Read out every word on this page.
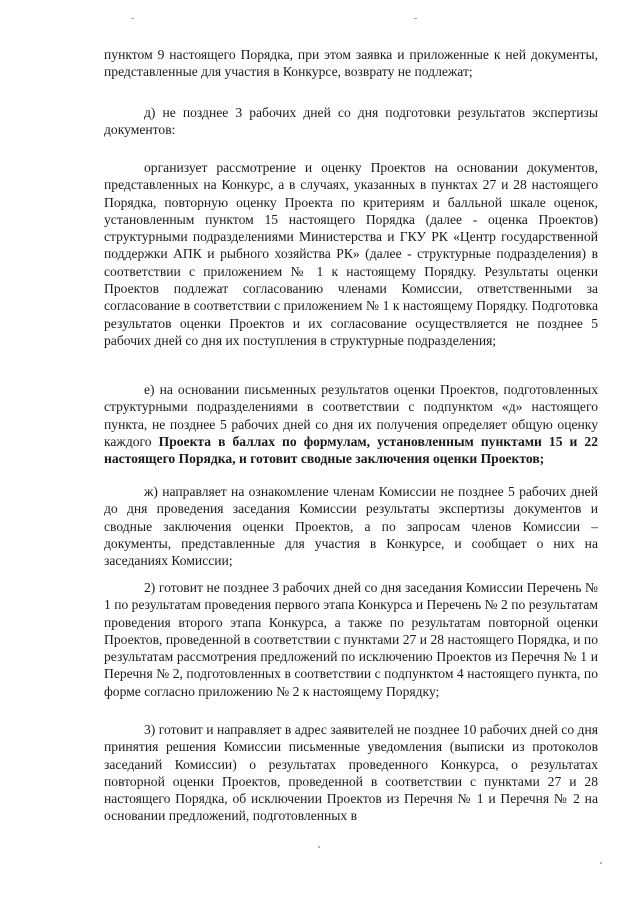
пунктом 9 настоящего Порядка, при этом заявка и приложенные к ней документы, представленные для участия в Конкурсе, возврату не подлежат;

д) не позднее 3 рабочих дней со дня подготовки результатов экспертизы документов:

организует рассмотрение и оценку Проектов на основании документов, представленных на Конкурс, а в случаях, указанных в пунктах 27 и 28 настоящего Порядка, повторную оценку Проекта по критериям и балльной шкале оценок, установленным пунктом 15 настоящего Порядка (далее - оценка Проектов) структурными подразделениями Министерства и ГКУ РК «Центр государственной поддержки АПК и рыбного хозяйства РК» (далее - структурные подразделения) в соответствии с приложением № 1 к настоящему Порядку. Результаты оценки Проектов подлежат согласованию членами Комиссии, ответственными за согласование в соответствии с приложением № 1 к настоящему Порядку. Подготовка результатов оценки Проектов и их согласование осуществляется не позднее 5 рабочих дней со дня их поступления в структурные подразделения;

е) на основании письменных результатов оценки Проектов, подготовленных структурными подразделениями в соответствии с подпунктом «д» настоящего пункта, не позднее 5 рабочих дней со дня их получения определяет общую оценку каждого Проекта в баллах по формулам, установленным пунктами 15 и 22 настоящего Порядка, и готовит сводные заключения оценки Проектов;

ж) направляет на ознакомление членам Комиссии не позднее 5 рабочих дней до дня проведения заседания Комиссии результаты экспертизы документов и сводные заключения оценки Проектов, а по запросам членов Комиссии – документы, представленные для участия в Конкурсе, и сообщает о них на заседаниях Комиссии;

2) готовит не позднее 3 рабочих дней со дня заседания Комиссии Перечень № 1 по результатам проведения первого этапа Конкурса и Перечень № 2 по результатам проведения второго этапа Конкурса, а также по результатам повторной оценки Проектов, проведенной в соответствии с пунктами 27 и 28 настоящего Порядка, и по результатам рассмотрения предложений по исключению Проектов из Перечня № 1 и Перечня № 2, подготовленных в соответствии с подпунктом 4 настоящего пункта, по форме согласно приложению № 2 к настоящему Порядку;

3) готовит и направляет в адрес заявителей не позднее 10 рабочих дней со дня принятия решения Комиссии письменные уведомления (выписки из протоколов заседаний Комиссии) о результатах проведенного Конкурса, о результатах повторной оценки Проектов, проведенной в соответствии с пунктами 27 и 28 настоящего Порядка, об исключении Проектов из Перечня № 1 и Перечня № 2 на основании предложений, подготовленных в
